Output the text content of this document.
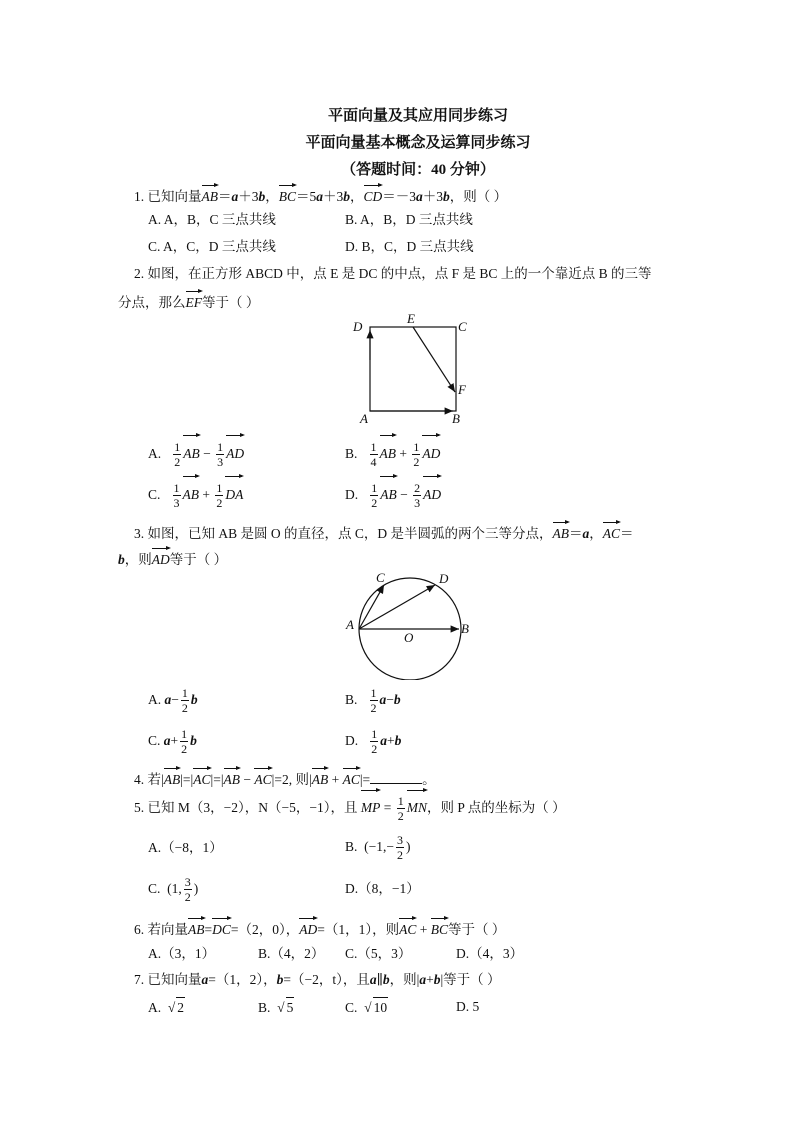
平面向量及其应用同步练习
平面向量基本概念及运算同步练习
（答题时间：40 分钟）
1. 已知向量AB＝a＋3b，BC＝5a＋3b，CD＝－3a＋3b，则（ ）
A. A，B，C 三点共线	B. A，B，D 三点共线
C. A，C，D 三点共线	D. B，C，D 三点共线
2. 如图，在正方形 ABCD 中，点 E 是 DC 的中点，点 F 是 BC 上的一个靠近点 B 的三等
分点，那么EF等于（ ）
D
E
C
F
A	B
A. $\frac{1}{2}$ AB − $\frac{1}{3}$ AD	B. $\frac{1}{4}$ AB + $\frac{1}{2}$ AD
C. $\frac{1}{3}$ AB + $\frac{1}{2}$ DA	D. $\frac{1}{2}$ AB − $\frac{2}{3}$ AD
3. 如图，已知 AB 是圆 O 的直径，点 C，D 是半圆弧的两个三等分点，AB＝a，AC＝
b，则AD等于（ ）
C	D
A
O
B
A. $a- \frac{1}{2}$ b	B. $\frac{1}{2} a-b$
C. $a+ \frac{1}{2}$ b	D. $\frac{1}{2} a+b$
4. 若|AB|=|AC|=|AB − AC|=2, 则|AB + AC|=	。
5. 已知 M（3，−2），N（−5，−1），且 MP = $\frac{1}{2}$ MN，则 P 点的坐标为（ ）
A.（−8，1）	B. ($-1,- \frac{3}{2}$ )
C. (1, $\frac{3}{2}$ )	D.（8，−1）
6. 若向量AB=DC=（2，0），AD=（1，1），则AC + BC等于（ ）
A.（3，1）	B.（4，2） C.（5，3）	D.（4，3）
7. 已知向量a=（1，2），b=（−2，t），且a∥b，则|a+b|等于（ ）
A. √ 2	B. √ 5	C. √ 10	D. 5
